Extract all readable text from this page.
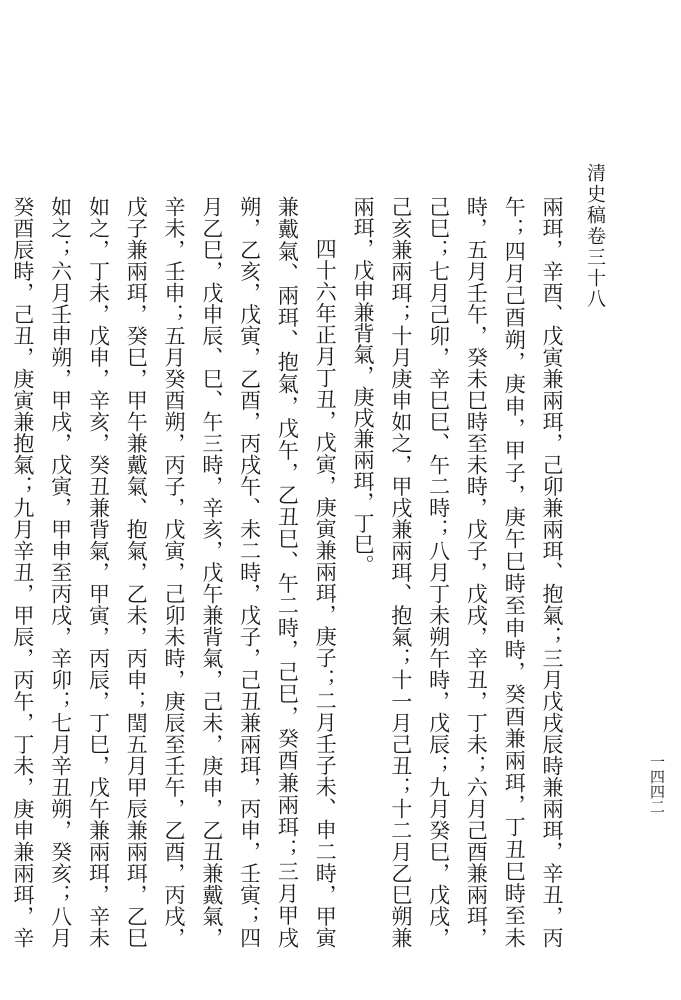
清史稿卷三十八
一四四二

兩珥，辛酉、戊寅兼兩珥，己卯兼兩珥、抱氣；三月戊戌辰時兼兩珥，辛丑，丙午；四月己酉朔，庚申，甲子，庚午巳時至申時，癸酉兼兩珥，丁丑巳時至未時，五月壬午，癸未巳時至未時，戊子，戊戌，辛丑，丁未；六月己酉兼兩珥，己巳；七月己卯，辛巳巳、午二時；八月丁未朔午時，戊辰；九月癸巳，戊戌，己亥兼兩珥；十月庚申如之，甲戌兼兩珥、抱氣；十一月己丑；十二月乙巳朔兼兩珥，戊申兼背氣，庚戌兼兩珥，丁巳。

四十六年正月丁丑，戊寅，庚寅兼兩珥，庚子；二月壬子未、申二時，甲寅兼戴氣、兩珥、抱氣，戊午，乙丑巳、午二時，己巳，癸酉兼兩珥；三月甲戌朔，乙亥，戊寅，乙酉，丙戌午、未二時，戊子，己丑兼兩珥，丙申，壬寅；四月乙巳，戊申辰、巳、午三時，辛亥，戊午兼背氣，己未，庚申，乙丑兼戴氣，辛未，壬申；五月癸酉朔，丙子，戊寅，己卯未時，庚辰至壬午，乙酉，丙戌，戊子兼兩珥，癸巳，甲午兼戴氣、抱氣，乙未，丙申；閏五月甲辰兼兩珥，乙巳如之，丁未，戊申，辛亥，癸丑兼背氣，甲寅，丙辰，丁巳，戊午兼兩珥，辛未如之；六月壬申朔，甲戌，戊寅，甲申至丙戌，辛卯；七月辛丑朔，癸亥；八月癸酉辰時，己丑，庚寅兼抱氣；九月辛丑，甲辰，丙午，丁未，庚申兼兩珥，辛
